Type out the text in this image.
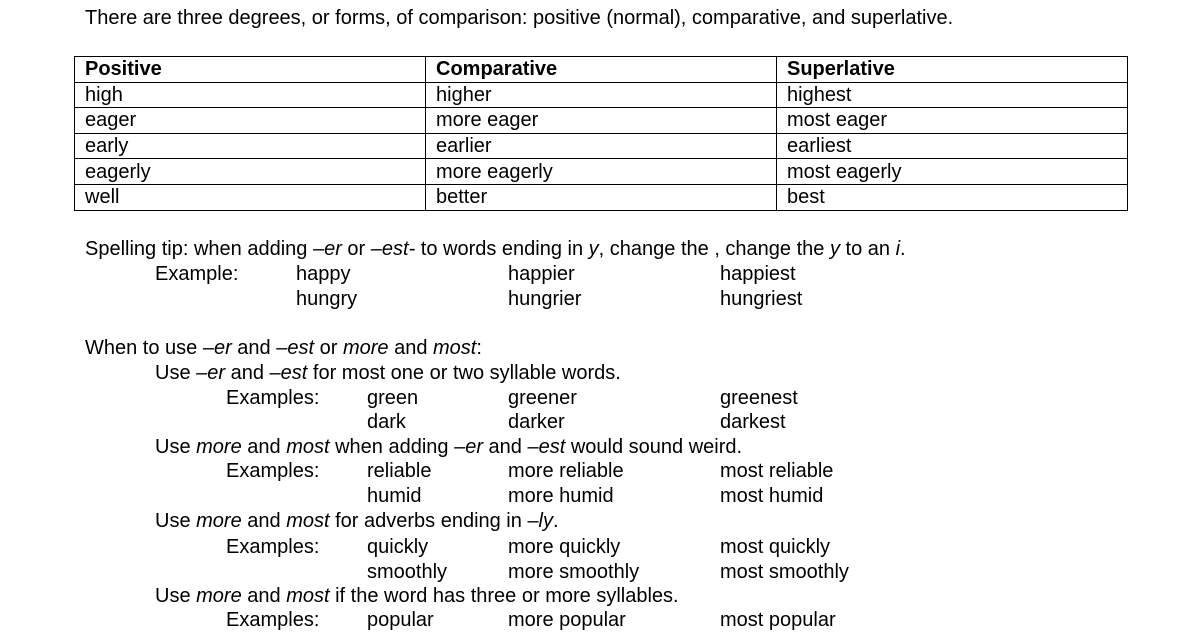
There are three degrees, or forms, of comparison: positive (normal), comparative, and superlative.
Positive	Comparative	Superlative
high	higher	highest
eager	more eager	most eager
early	earlier	earliest
eagerly	more eagerly	most eagerly
well	better	best
Spelling tip: when adding –er or –est- to words ending in y, change the , change the y to an i.
Example:	happy	happier	happiest
hungry	hungrier	hungriest
When to use –er and –est or more and most:
Use –er and –est for most one or two syllable words.
Examples: green	greener	greenest
dark	darker	darkest
Use more and most when adding –er and –est would sound weird.
Examples: reliable	more reliable	most reliable
humid	more humid	most humid
Use more and most for adverbs ending in –ly.
Examples: quickly	more quickly	most quickly
smoothly	more smoothly	most smoothly
Use more and most if the word has three or more syllables.
Examples: popular	more popular	most popular
